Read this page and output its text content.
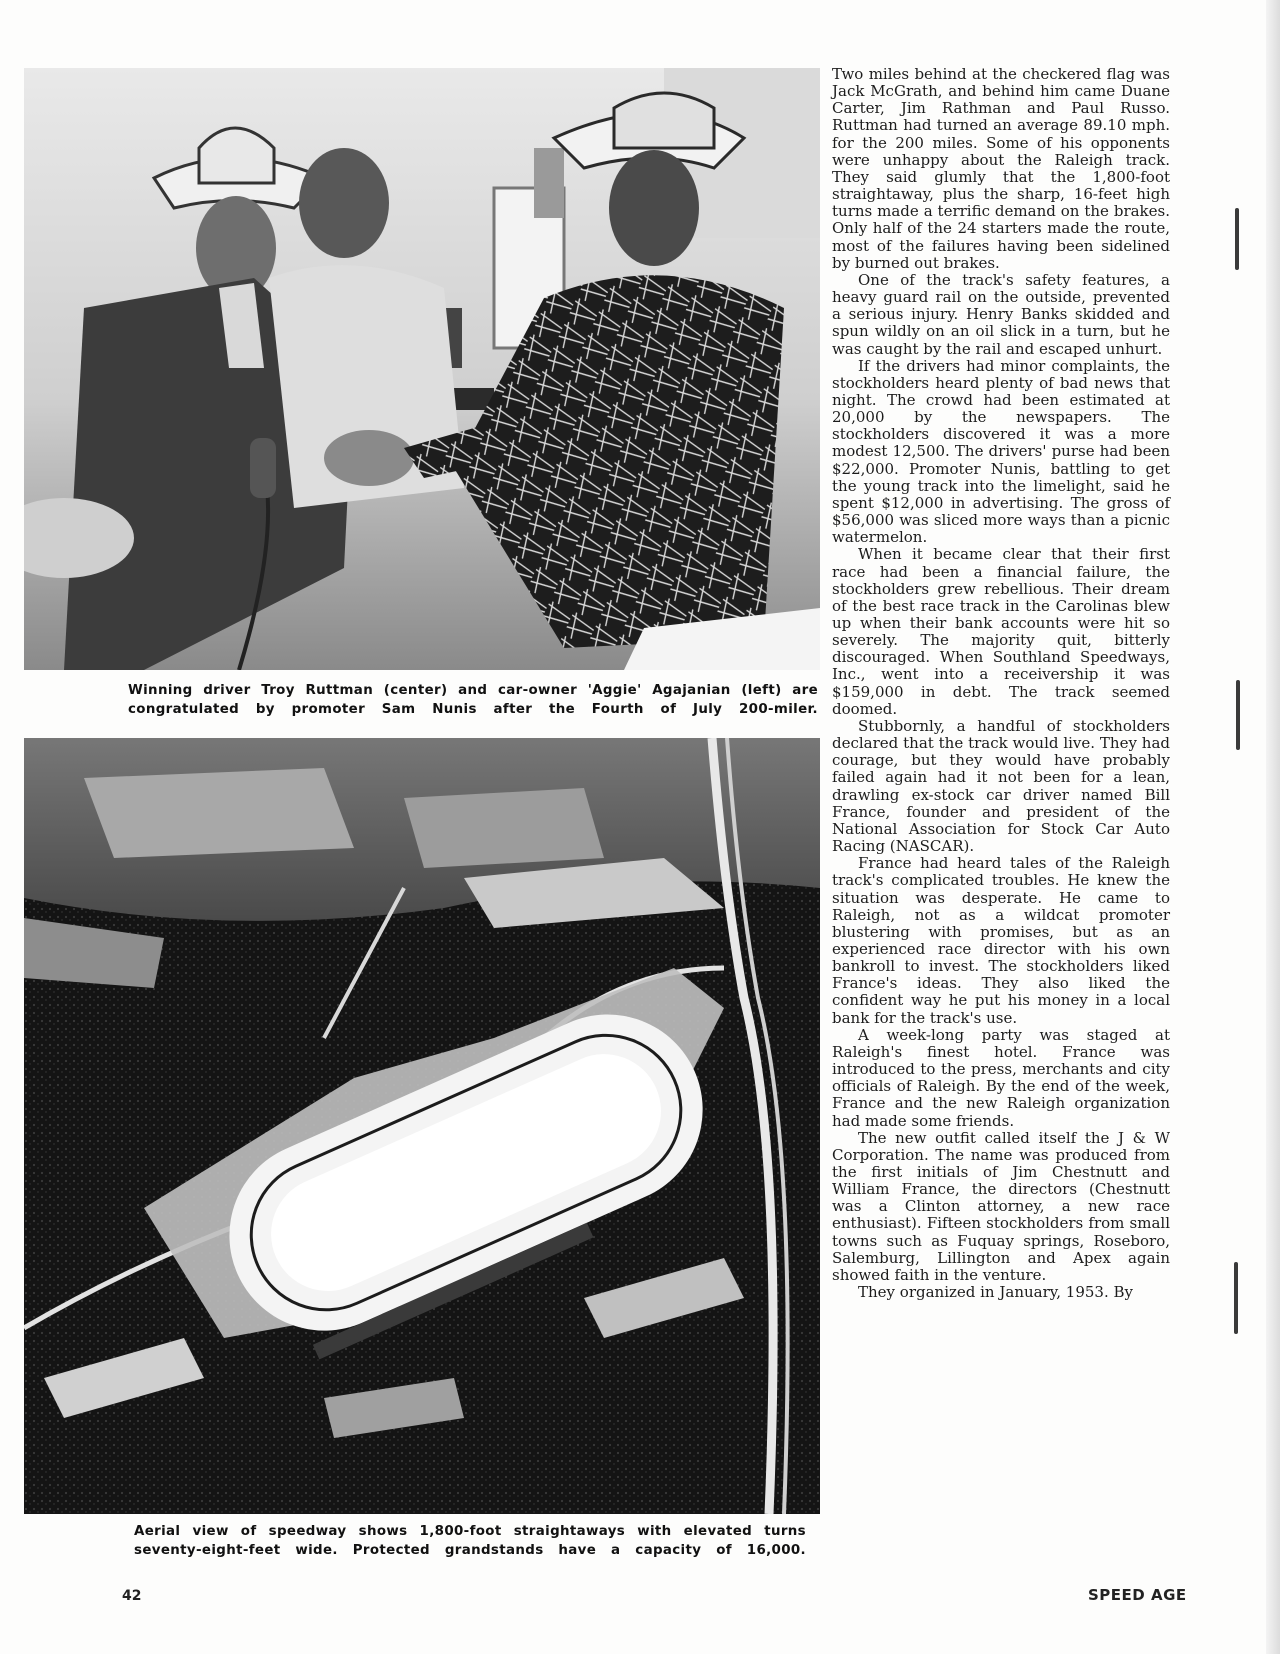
Winning driver Troy Ruttman (center) and car-owner 'Aggie' Agajanian (left) are congratulated by promoter Sam Nunis after the Fourth of July 200-miler.
Aerial view of speedway shows 1,800-foot straightaways with elevated turns seventy-eight-feet wide. Protected grandstands have a capacity of 16,000.

Two miles behind at the checkered flag was Jack McGrath, and behind him came Duane Carter, Jim Rathman and Paul Russo. Ruttman had turned an average 89.10 mph. for the 200 miles. Some of his opponents were unhappy about the Raleigh track. They said glumly that the 1,800-foot straightaway, plus the sharp, 16-feet high turns made a terrific demand on the brakes. Only half of the 24 starters made the route, most of the failures having been sidelined by burned out brakes.

One of the track's safety features, a heavy guard rail on the outside, prevented a serious injury. Henry Banks skidded and spun wildly on an oil slick in a turn, but he was caught by the rail and escaped unhurt.

If the drivers had minor complaints, the stockholders heard plenty of bad news that night. The crowd had been estimated at 20,000 by the newspapers. The stockholders discovered it was a more modest 12,500. The drivers' purse had been $22,000. Promoter Nunis, battling to get the young track into the limelight, said he spent $12,000 in advertising. The gross of $56,000 was sliced more ways than a picnic watermelon.

When it became clear that their first race had been a financial failure, the stockholders grew rebellious. Their dream of the best race track in the Carolinas blew up when their bank accounts were hit so severely. The majority quit, bitterly discouraged. When Southland Speedways, Inc., went into a receivership it was $159,000 in debt. The track seemed doomed.

Stubbornly, a handful of stockholders declared that the track would live. They had courage, but they would have probably failed again had it not been for a lean, drawling ex-stock car driver named Bill France, founder and president of the National Association for Stock Car Auto Racing (NASCAR).

France had heard tales of the Raleigh track's complicated troubles. He knew the situation was desperate. He came to Raleigh, not as a wildcat promoter blustering with promises, but as an experienced race director with his own bankroll to invest. The stockholders liked France's ideas. They also liked the confident way he put his money in a local bank for the track's use.

A week-long party was staged at Raleigh's finest hotel. France was introduced to the press, merchants and city officials of Raleigh. By the end of the week, France and the new Raleigh organization had made some friends.

The new outfit called itself the J & W Corporation. The name was produced from the first initials of Jim Chestnutt and William France, the directors (Chestnutt was a Clinton attorney, a new race enthusiast). Fifteen stockholders from small towns such as Fuquay springs, Roseboro, Salemburg, Lillington and Apex again showed faith in the venture.

They organized in January, 1953. By

42	SPEED AGE
